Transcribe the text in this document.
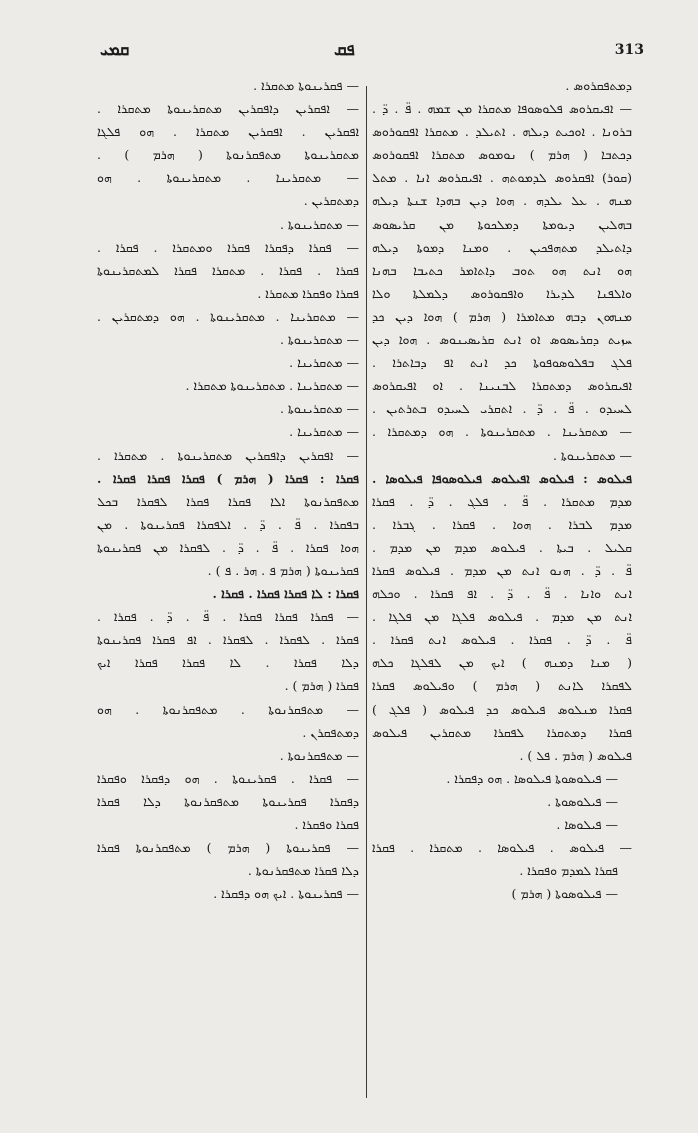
ܩܡܝ	ܦܩ	313
ܕܡܬܦܩܪܘܣ .
— ܐܦܝܩܪܘܣ ܦܠܘܣܘܦܐ ܡܬܩܪܐ ܡܢ ܫܡܗ . ܦ̈ . ܕ̈ .
ܒܪܘܢܐ . ܐܘܟܝܬ ܕܝܠܗ . ܐܬܝܠܕ . ܡܬܩܪܐ ܐܦܩܘܪܘܣ
ܕܟܬܒܐ ( ܗܪܡ ) ܢܘܡܘܣ ܡܬܩܪܐ ܐܦܩܘܪܘܣ
(ܩܘܪ) ܐܦܩܪܘܣ ܠܕܡܘܬܗ . ܐܦܝܩܪܘܣ ܐܢܐ . ܡܬܠ
ܡܢܗ . ܥܠ ܝܠܕܗ . ܗܘܐ ܕܝܢ ܒܗܕܐ ܫܢܬܐ ܕܝܠܗ
ܒܗܠܝܢ ܕܝܘܡܬܐ ܕܡܠܟܘܬܐ ܡܢ ܩܪܝܣܘܣ
ܕܐܬܝܠܕ ܡܬܗܦܟܝܢ . ܘܡܢܐ ܕܡܘܬܐ ܕܝܠܗ
ܗܘ ܐܢܬ ܗܘ ܬܘܒ ܕܐܬܐܡܪ ܟܬܝܒܐ ܒܗܢܐ
ܘܐܠܦܢܐ ܠܕܝܪܐ ܘܐܦܩܘܪܘܣ ܕܠܡܠܬܐ ܘܠܐ
ܡܢܗܘܢ ܕܒܗ ܡܬܐܡܪܐ ( ܗܪܡ ) ܗܘܐ ܕܝܢ ܟܕ
ܚܙܝܬ ܕܩܪܝܣܘܣ ܐܘ ܐܢܬ ܩܪܝܣܝܢܘܣ . ܗܘܐ ܕܝܢ
ܦܠܓ ܒܦܠܘܣܘܦܘܬܐ ܟܕ ܐܢܬ ܐܦ ܕܒܐܬܪܐ .
ܐܦܝܩܪܘܣ ܕܡܬܩܪܐ ܠܒܢܝܢܐ . ܐܘ ܐܦܝܩܪܘܣ
ܠܚܝܕܘ . ܦ̈ . ܕ̈ . ܐܬܩܪܝ ܠܚܝܕܘ ܒܬܪܬܝܢ .
— ܡܬܩܪܝܢܐ . ܡܬܩܪܝܢܘܬܐ . ܗܘ ܕܡܬܩܪܐ .
— ܡܬܩܪܝܢܘܬܐ .
ܦܝܠܘܣ : ܦܝܠܘܣ ܐܦܝܠܘܣ ܦܝܠܘܣܘܦܐ ܦܝܠܘܣܐ .
ܡܕܡ ܡܬܩܪܐ . ܦ̈ . ܦܠܓ . ܕ̈ . ܦܩܪܐ
ܡܕܡ ܠܒܪܐ . ܗܘܐ . ܦܩܪܐ . ܓܒܪܐ .
ܩܠܝܠ . ܒܝܬܐ . ܦܝܠܘܣ ܡܕܡ ܡܢ ܡܕܡ .
ܦ̈ . ܕ̈ . ܗܢܘ ܐܢܬ ܡܢ ܡܕܡ . ܦܝܠܘܣ ܦܩܪܐ
ܐܢܬ ܘܐܢܐ . ܦ̈ . ܕ̈ . ܐܦ ܦܩܪܐ . ܘܟܠܗ
ܐܢܬ ܡܢ ܡܕܡ . ܦܝܠܘܣ ܦܠܓܐ ܡܢ ܦܠܓܐ .
ܦ̈ . ܕ̈ . ܦܩܪܐ . ܦܝܠܘܣ ܐܢܬ ܦܩܪܐ .
( ܡܢܐ ܕܡܢܗ ) ܐܝܟ ܡܢ ܠܦܠܓܐ ܟܠܗ
ܠܦܩܪܐ ܠܐܢܬ ( ܗܪܡ ) ܘܦܝܠܘܣ ܦܩܪܐ
ܦܩܪܐ ܡܢܠܘܣ ܦܝܠܘܣ ܟܕ ܦܝܠܘܣ ( ܦܠܓ )
ܦܩܪܐ ܕܡܬܩܪܐ ܠܦܩܪܐ ܡܬܩܪܝܢ ܦܝܠܘܣ
ܦܝܠܘܣ ( ܗܪܡ . ܦܠ ) .
— ܦܝܠܘܣܘܬܐ ܦܝܠܘܣܐ . ܗܘ ܕܦܩܪܐ .
— ܦܝܠܘܣܘܬܐ .
— ܦܝܠܘܣܐ .
— ܦܝܠܘܣ . ܦܝܠܘܣܐ . ܡܬܩܪܐ . ܦܩܪܐ
ܦܩܪܐ ܠܡܕܡ ܘܦܩܪܐ .
— ܦܝܠܘܣܘܬܐ ( ܗܪܡ )
— ܦܩܪܝܢܘܬܐ ܡܬܩܪܐ .
— ܐܦܩܪܝܢ ܕܐܦܩܪܝܢ ܡܬܩܪܝܢܘܬܐ ܡܬܩܪܐ .
ܐܦܩܪܝܢ . ܐܦܩܪܝܢ ܡܬܩܪܐ . ܗܘ ܦܠܓܐ
ܡܬܩܪܝܢܘܬܐ ܡܬܦܩܪܢܘܬܐ ( ܗܪܡ ) .
— ܡܬܩܪܝܢܐ . ܡܬܩܪܝܢܘܬܐ . ܗܘ
ܕܡܬܩܪܝܢ .
— ܡܬܩܪܝܢܘܬܐ .
— ܦܩܪܐ ܕܦܩܪܐ ܦܩܪܐ ܘܡܬܩܪܐ . ܦܩܪܐ .
ܦܩܪܐ . ܦܩܪܐ . ܡܬܩܪܐ ܦܩܪܐ ܠܡܬܩܪܝܢܘܬܐ
ܦܩܪܐ ܘܦܩܪܐ ܡܬܩܪܐ .
— ܡܬܩܪܝܢܐ . ܡܬܩܪܝܢܘܬܐ . ܗܘ ܕܡܬܩܪܝܢ .
— ܡܬܩܪܝܢܘܬܐ .
— ܡܬܩܪܝܢܐ .
— ܡܬܩܪܝܢܐ . ܡܬܩܪܝܢܘܬܐ ܡܬܩܪܐ .
— ܡܬܩܪܝܢܘܬܐ .
— ܡܬܩܪܝܢܐ .
— ܐܦܩܪܝܢ ܕܐܦܩܪܝܢ ܡܬܩܪܝܢܘܬܐ . ܡܬܩܪܐ .
ܦܩܪܐ : ܦܩܪܐ ( ܗܪܡ ) ܦܩܪܐ ܦܩܪܐ ܦܩܪܐ .
ܡܬܦܩܪܢܘܬܐ ܐܠܐ ܦܩܪܐ ܦܩܪܐ ܠܦܩܪܐ ܒܟܠ
ܒܦܩܪܐ . ܦ̈ . ܕ̈ . ܐܠܦܩܪܐ ܦܩܪܝܢܘܬܐ . ܡܢ
ܗܘܐ ܦܩܪܐ . ܦ̈ . ܕ̈ . ܠܦܩܪܐ ܡܢ ܦܩܪܝܢܘܬܐ
ܦܩܪܝܢܘܬܐ ( ܗܪܡ ܦ . ܗܪ . ܦ ) .
ܦܩܪܐ : ܠܐ ܦܩܪܐ ܦܩܪܐ . ܦܩܪܐ .
— ܦܩܪܐ ܦܩܪܐ ܦܩܪܐ . ܦ̈ . ܕ̈ . ܦܩܪܐ .
ܦܩܪܐ . ܠܦܩܪܐ . ܠܦܩܪܐ . ܐܦ ܦܩܪܐ ܦܩܪܝܢܘܬܐ
ܕܠܐ ܦܩܪܐ . ܠܐ ܦܩܪܐ ܦܩܪܐ ܐܝܟ
ܦܩܪܐ ( ܗܪܡ ) .
— ܡܬܦܩܪܢܘܬܐ . ܡܬܦܩܪܢܘܬܐ . ܗܘ
ܕܡܬܦܩܪܢ .
— ܡܬܦܩܪܢܘܬܐ .
— ܦܩܪܐ . ܦܩܪܝܢܘܬܐ . ܗܘ ܕܦܩܪܐ ܘܦܩܪܐ
ܕܦܩܪܐ ܦܩܪܝܢܘܬܐ ܡܬܦܩܪܢܘܬܐ ܕܠܐ ܦܩܪܐ
ܦܩܪܐ ܘܦܩܪܐ .
— ܦܩܪܝܢܘܬܐ ( ܗܪܡ ) ܡܬܦܩܪܢܘܬܐ ܦܩܪܐ
ܕܠܐ ܦܩܪܐ ܡܬܦܩܪܢܘܬܐ .
— ܦܩܪܝܢܘܬܐ . ܐܝܟ ܗܘ ܕܦܩܪܐ .
